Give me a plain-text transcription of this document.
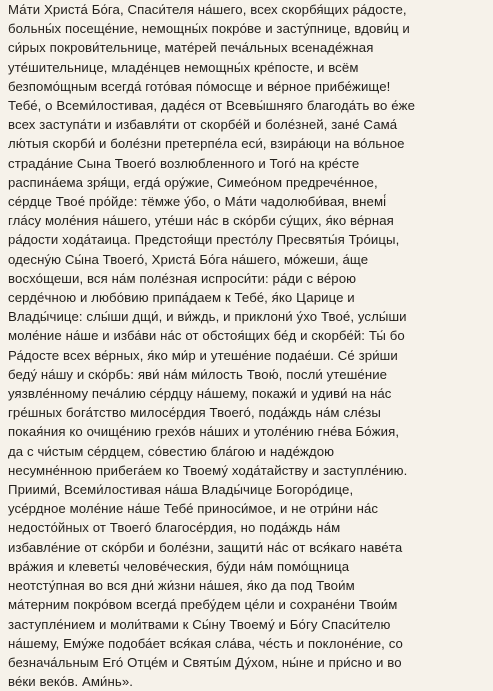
Ма́ти Христа́ Бо́га, Спаси́теля на́шего, всех скорбя́щих ра́достe,
больны́х посеще́ние, немощны́х покро́ве и засту́пнице, вдови́ц и
си́рых покрови́тельнице, мате́рей печа́льных всенаде́жная
уте́шительнице, младе́нцев немощны́х кре́посте, и всём
безпомо́щным всегда́ гото́вая по́мосще и ве́рное прибе́жище!
Тебе́, о Всеми́лостивая, даде́ся от Всевы́шняго благода́ть во е́же
всех заступа́ти и избавля́ти от скорбе́й и боле́зней, зане́ Сама́
лю́тыя скорби́ и боле́зни претерпе́ла еси́, взира́юци на во́льное
страда́ние Сына Твоего́ возлюбленного и Того́ на кре́сте
распина́ема зря́щи, егда́ ору́жие, Симео́ном предрече́нное,
се́рдце Твое́ про́йде: тёмже у́бо, о Ма́ти чадолюби́вая, внемі́
гла́су моле́ния на́шего, уте́ши на́с в ско́рби су́щих, я́ко ве́рная
ра́дости хода́таица. Предстоя́щи престо́лу Пресвяты́я Тро́ицы,
одесну́ю Сы́на Твоего́, Христа́ Бо́га на́шего, мо́жеши, а́ще
восхо́щеши, вся на́м поле́зная испроси́ти: ра́ди с ве́рою
серде́чною и любо́вию припа́даем к Тебе́, я́ко Царице и
Влады́чице: слы́ши дщи́, и ви́ждь, и приклони́ у́хо Твое́, услы́ши
моле́ние на́ше и изба́ви на́с от обстоя́щих бе́д и скорбе́й: Ты́ бо
Ра́досте всех ве́рных, я́ко ми́р и утеше́ние подае́ши. Се́ зри́ши
беду́ на́шу и ско́рбь: яви́ на́м ми́лость Твою́, посли́ утеше́ние
уязвле́нному печа́лию се́рдцу на́шему, покажи́ и удиви́ на на́с
гре́шных бога́тство милосе́рдия Твоего́, пода́ждь на́м сле́зы
покая́ния ко очище́нию грехо́в на́ших и утоле́нию гне́ва Бо́жия,
да с чи́стым се́рдцем, со́вестию бла́гою и наде́ждою
несумне́нною прибега́ем ко Твоему́ хода́тайству и заступле́нию.
Приими́, Всеми́лостивая на́ша Влады́чице Богоро́дице,
усе́рдное моле́ние на́ше Тебе́ приноси́мое, и не отри́ни на́с
недосто́йных от Твоего́ благосе́рдия, но пода́ждь на́м
избавле́ние от ско́рби и боле́зни, защити́ на́с от вся́каго наве́та
вра́жия и клеветы́ челове́ческия, бу́ди на́м помо́щница
неотсту́пная во вся дни́ жи́зни на́шея, я́ко да под Твои́м
ма́терним покро́вом всегда́ пребу́дем це́ли и сохране́ни Твои́м
заступле́нием и моли́твами к Сы́ну Твоему́ и Бо́гу Спаси́телю
на́шему, Ему́же подоба́ет вся́кая сла́ва, че́сть и поклоне́ние, со
безнача́льным Его́ Отце́м и Святы́м Ду́хом, ны́не и при́сно и во
ве́ки веко́в. Ами́нь».
